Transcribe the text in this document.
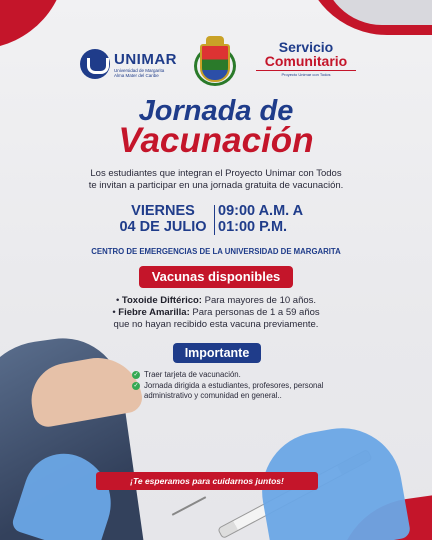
UNIMAR
Universidad de Margarita
Alma Mater del Caribe
Servicio
Comunitario
Proyecto Unimar con Todos
Jornada de
Vacunación
Los estudiantes que integran el Proyecto Unimar con Todos
te invitan a participar en una jornada gratuita de vacunación.
VIERNES
04 DE JULIO
09:00 A.M. A
01:00 P.M.
CENTRO DE EMERGENCIAS DE LA UNIVERSIDAD DE MARGARITA
Vacunas disponibles
• Toxoide Diftérico: Para mayores de 10 años.
• Fiebre Amarilla: Para personas de 1 a 59 años
que no hayan recibido esta vacuna previamente.
Importante
✓ Traer tarjeta de vacunación.
✓ Jornada dirigida a estudiantes, profesores, personal administrativo y comunidad en general..
¡Te esperamos para cuidarnos juntos!
